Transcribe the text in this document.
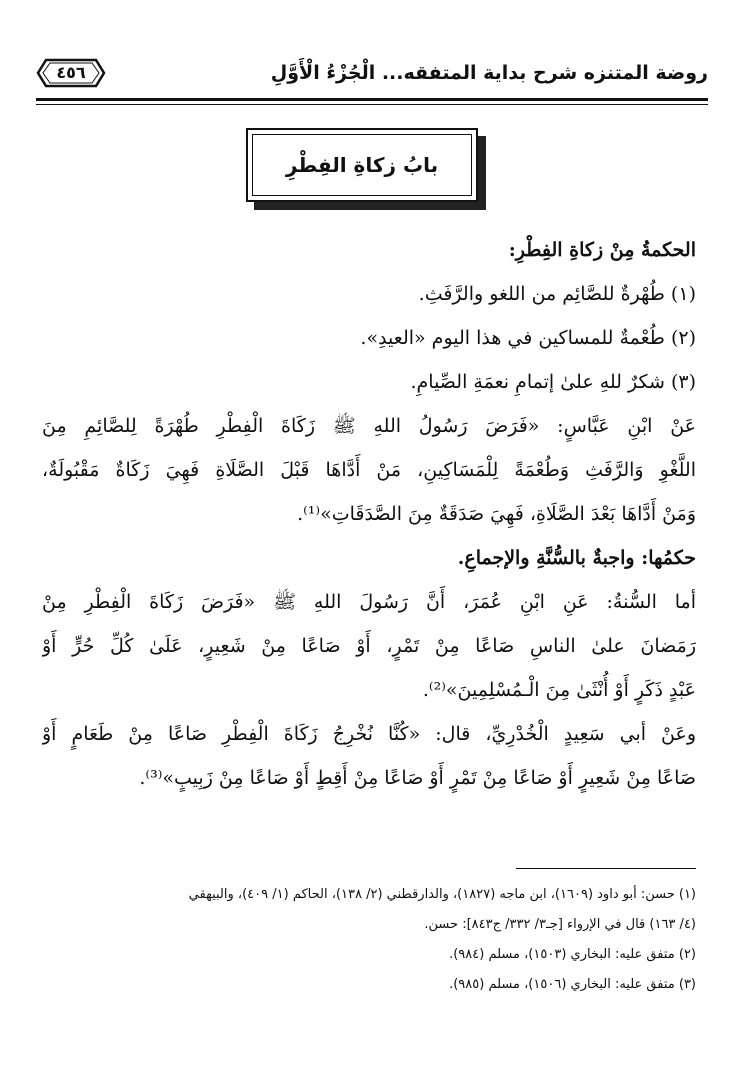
٤٥٦	روضة المتنزه شرح بداية المتفقه... الْجُزْءُ الْأَوَّلِ
بابُ زكاةِ الفِطْرِ
الحكمةُ مِنْ زكاةِ الفِطْرِ:
(١) طُهْرةٌ للصَّائِم من اللغو والرَّفَثِ.
(٢) طُعْمةٌ للمساكين في هذا اليوم «العيدِ».
(٣) شكرٌ للهِ علىٰ إتمامِ نعمَةِ الصِّيامِ.
عَنْ ابْنِ عَبَّاسٍ: «فَرَضَ رَسُولُ اللهِ ﷺ زَكَاةَ الْفِطْرِ طُهْرَةً لِلصَّائِمِ مِنَ
اللَّغْوِ وَالرَّفَثِ وَطُعْمَةً لِلْمَسَاكِينِ، مَنْ أَدَّاهَا قَبْلَ الصَّلَاةِ فَهِيَ زَكَاةٌ مَقْبُولَةٌ،
وَمَنْ أَدَّاهَا بَعْدَ الصَّلَاةِ، فَهِيَ صَدَقَةٌ مِنَ الصَّدَقَاتِ»⁽¹⁾.
حكمُها: واجبةٌ بالسُّنَّةِ والإجماعِ.
أما السُّنةُ: عَنِ ابْنِ عُمَرَ، أَنَّ رَسُولَ اللهِ ﷺ «فَرَضَ زَكَاةَ الْفِطْرِ مِنْ
رَمَضانَ علىٰ الناسِ صَاعًا مِنْ تَمْرٍ، أَوْ صَاعًا مِنْ شَعِيرٍ، عَلَىٰ كُلِّ حُرٍّ أَوْ
عَبْدٍ ذَكَرٍ أَوْ أُنْثَىٰ مِنَ الْـمُسْلِمِينَ»⁽²⁾.
وعَنْ أبي سَعِيدٍ الْخُدْرِيِّ، قال: «كُنَّا نُخْرِجُ زَكَاةَ الْفِطْرِ صَاعًا مِنْ طَعَامٍ أَوْ
صَاعًا مِنْ شَعِيرٍ أَوْ صَاعًا مِنْ تَمْرٍ أَوْ صَاعًا مِنْ أَقِطٍ أَوْ صَاعًا مِنْ زَبِيبٍ»⁽³⁾.
(١) حسن: أبو داود (١٦٠٩)، ابن ماجه (١٨٢٧)، والدارقطني (٢/ ١٣٨)، الحاكم (١/ ٤٠٩)، والبيهقي
(٤/ ١٦٣) قال في الإرواء [جـ٣/ ٣٣٢/ ج٨٤٣]: حسن.
(٢) متفق عليه: البخاري (١٥٠٣)، مسلم (٩٨٤).
(٣) متفق عليه: البخاري (١٥٠٦)، مسلم (٩٨٥).
